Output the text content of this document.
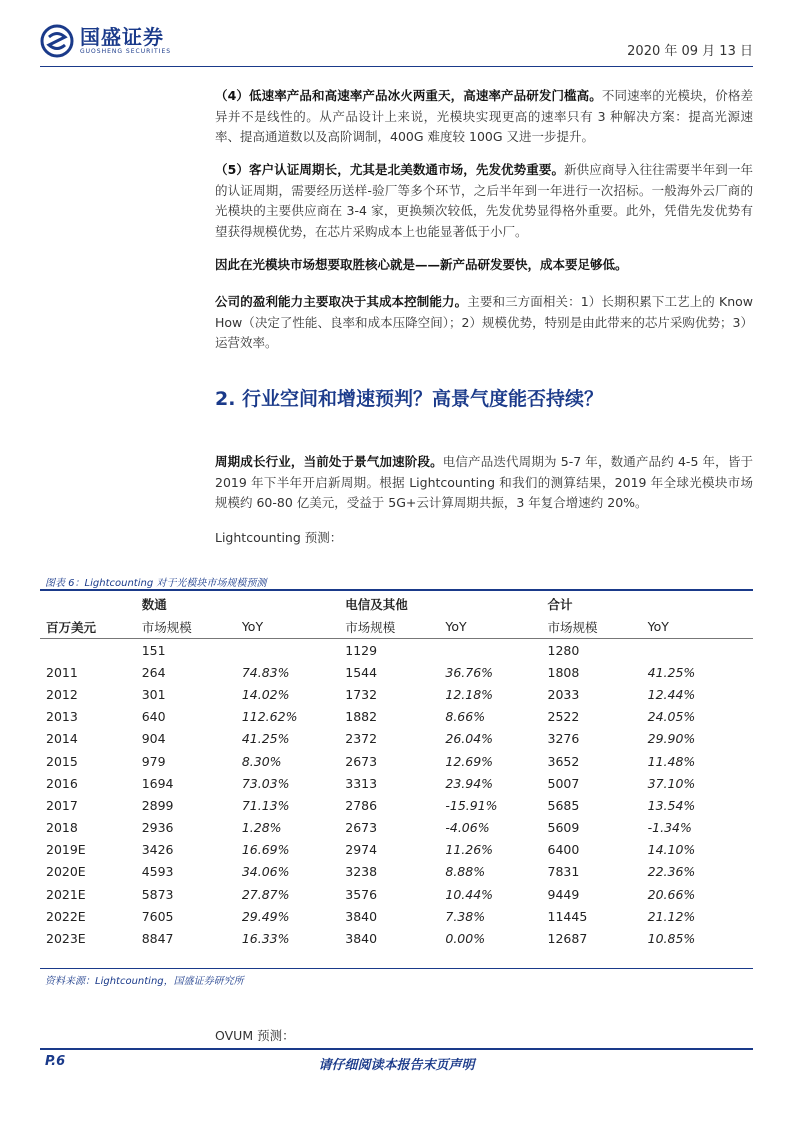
国盛证券
GUOSHENG SECURITIES	2020 年 09 月 13 日
（4）低速率产品和高速率产品冰火两重天，高速率产品研发门槛高。不同速率的光模块，价格差异并不是线性的。从产品设计上来说，光模块实现更高的速率只有 3 种解决方案：提高光源速率、提高通道数以及高阶调制，400G 难度较 100G 又进一步提升。
（5）客户认证周期长，尤其是北美数通市场，先发优势重要。新供应商导入往往需要半年到一年的认证周期，需要经历送样-验厂等多个环节，之后半年到一年进行一次招标。一般海外云厂商的光模块的主要供应商在 3-4 家，更换频次较低，先发优势显得格外重要。此外，凭借先发优势有望获得规模优势，在芯片采购成本上也能显著低于小厂。
因此在光模块市场想要取胜核心就是——新产品研发要快，成本要足够低。
公司的盈利能力主要取决于其成本控制能力。主要和三方面相关：1）长期积累下工艺上的 Know How（决定了性能、良率和成本压降空间）；2）规模优势，特别是由此带来的芯片采购优势；3）运营效率。
2. 行业空间和增速预判？高景气度能否持续？
周期成长行业，当前处于景气加速阶段。电信产品迭代周期为 5-7 年，数通产品约 4-5 年，皆于 2019 年下半年开启新周期。根据 Lightcounting 和我们的测算结果，2019 年全球光模块市场规模约 60-80 亿美元，受益于 5G+云计算周期共振，3 年复合增速约 20%。
Lightcounting 预测：
图表 6：Lightcounting 对于光模块市场规模预测
	数通		电信及其他		合计	
百万美元	市场规模	YoY	市场规模	YoY	市场规模	YoY
	151		1129		1280	
2011	264	74.83%	1544	36.76%	1808	41.25%
2012	301	14.02%	1732	12.18%	2033	12.44%
2013	640	112.62%	1882	8.66%	2522	24.05%
2014	904	41.25%	2372	26.04%	3276	29.90%
2015	979	8.30%	2673	12.69%	3652	11.48%
2016	1694	73.03%	3313	23.94%	5007	37.10%
2017	2899	71.13%	2786	-15.91%	5685	13.54%
2018	2936	1.28%	2673	-4.06%	5609	-1.34%
2019E	3426	16.69%	2974	11.26%	6400	14.10%
2020E	4593	34.06%	3238	8.88%	7831	22.36%
2021E	5873	27.87%	3576	10.44%	9449	20.66%
2022E	7605	29.49%	3840	7.38%	11445	21.12%
2023E	8847	16.33%	3840	0.00%	12687	10.85%
资料来源：Lightcounting，国盛证券研究所
OVUM 预测：
请仔细阅读本报告末页声明
P.6
